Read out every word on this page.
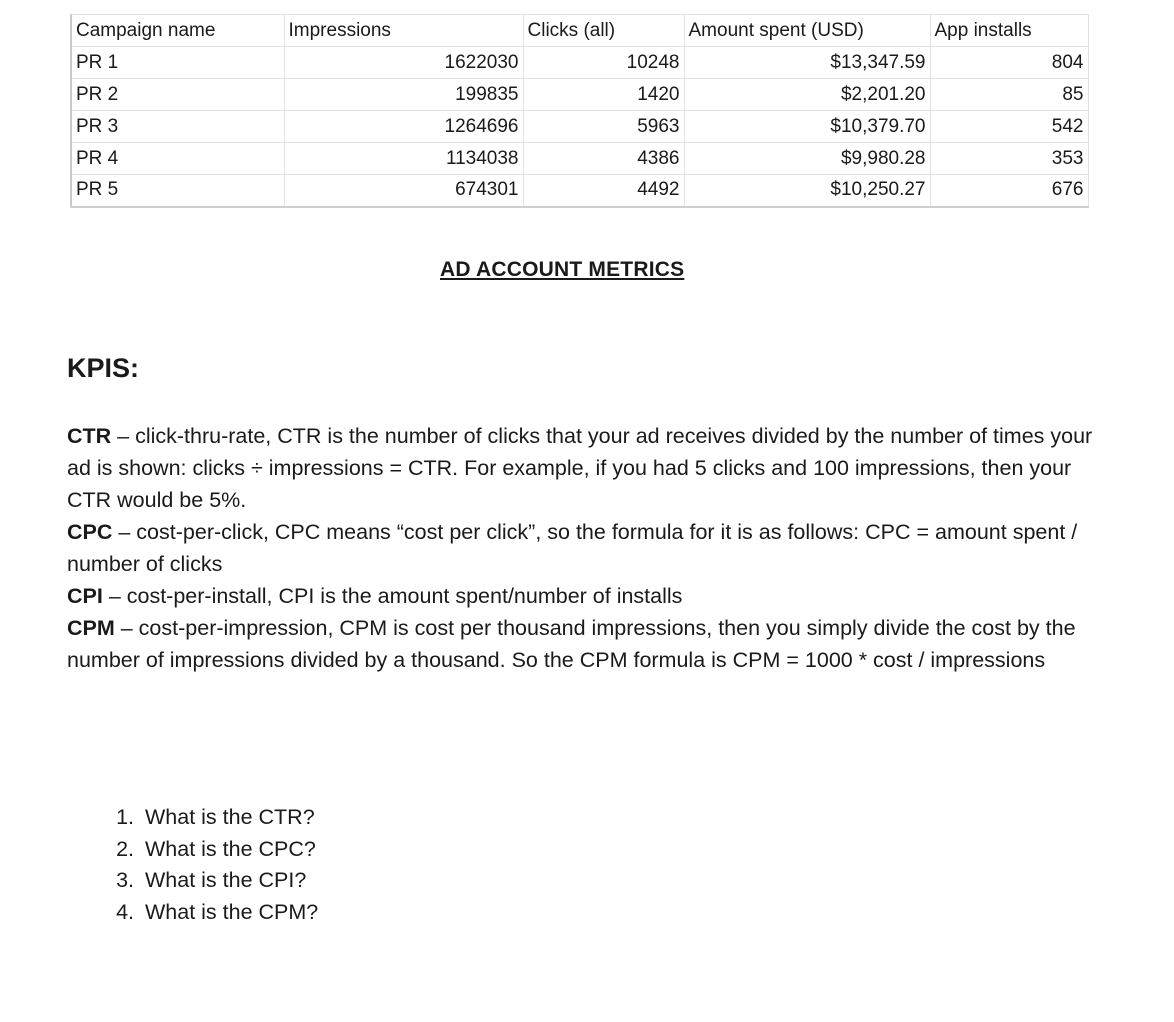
Campaign name	Impressions	Clicks (all)	Amount spent (USD)	App installs
PR 1	1622030	10248	$13,347.59	804
PR 2	199835	1420	$2,201.20	85
PR 3	1264696	5963	$10,379.70	542
PR 4	1134038	4386	$9,980.28	353
PR 5	674301	4492	$10,250.27	676
AD ACCOUNT METRICS
KPIS:

CTR – click-thru-rate, CTR is the number of clicks that your ad receives divided by the number of times your ad is shown: clicks ÷ impressions = CTR. For example, if you had 5 clicks and 100 impressions, then your CTR would be 5%.

CPC – cost-per-click, CPC means “cost per click”, so the formula for it is as follows: CPC = amount spent / number of clicks

CPI – cost-per-install, CPI is the amount spent/number of installs

CPM – cost-per-impression, CPM is cost per thousand impressions, then you simply divide the cost by the number of impressions divided by a thousand. So the CPM formula is CPM = 1000 * cost / impressions

1. What is the CTR?
2. What is the CPC?
3. What is the CPI?
4. What is the CPM?
